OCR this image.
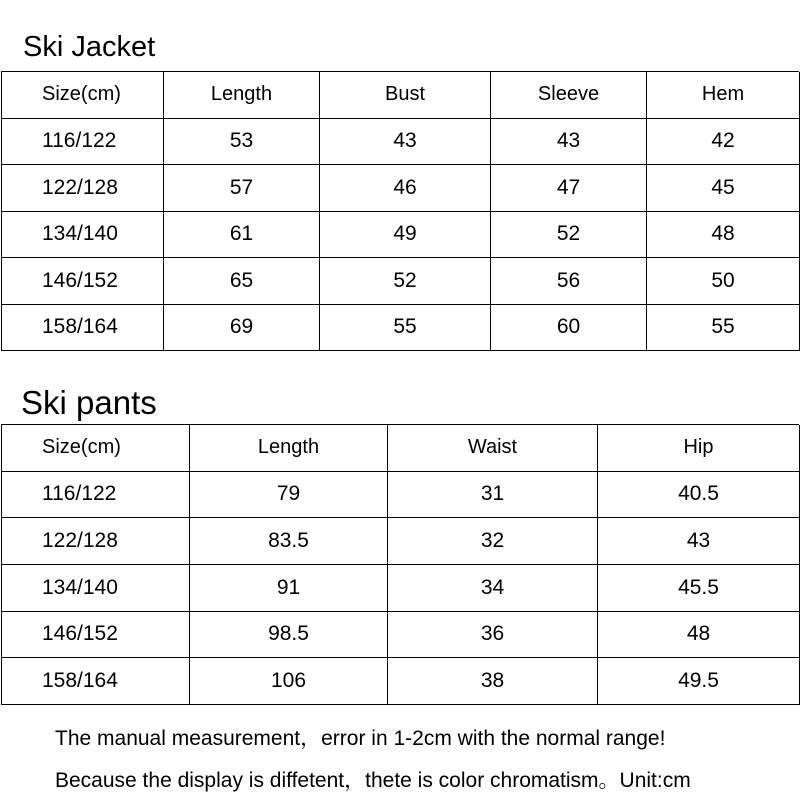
Ski Jacket
Size(cm)	Length	Bust	Sleeve	Hem
116/122	53	43	43	42
122/128	57	46	47	45
134/140	61	49	52	48
146/152	65	52	56	50
158/164	69	55	60	55
Ski pants
Size(cm)	Length	Waist	Hip
116/122	79	31	40.5
122/128	83.5	32	43
134/140	91	34	45.5
146/152	98.5	36	48
158/164	106	38	49.5
The manual measurement，error in 1-2cm with the normal range!
Because the display is diffetent，thete is color chromatism。Unit:cm
